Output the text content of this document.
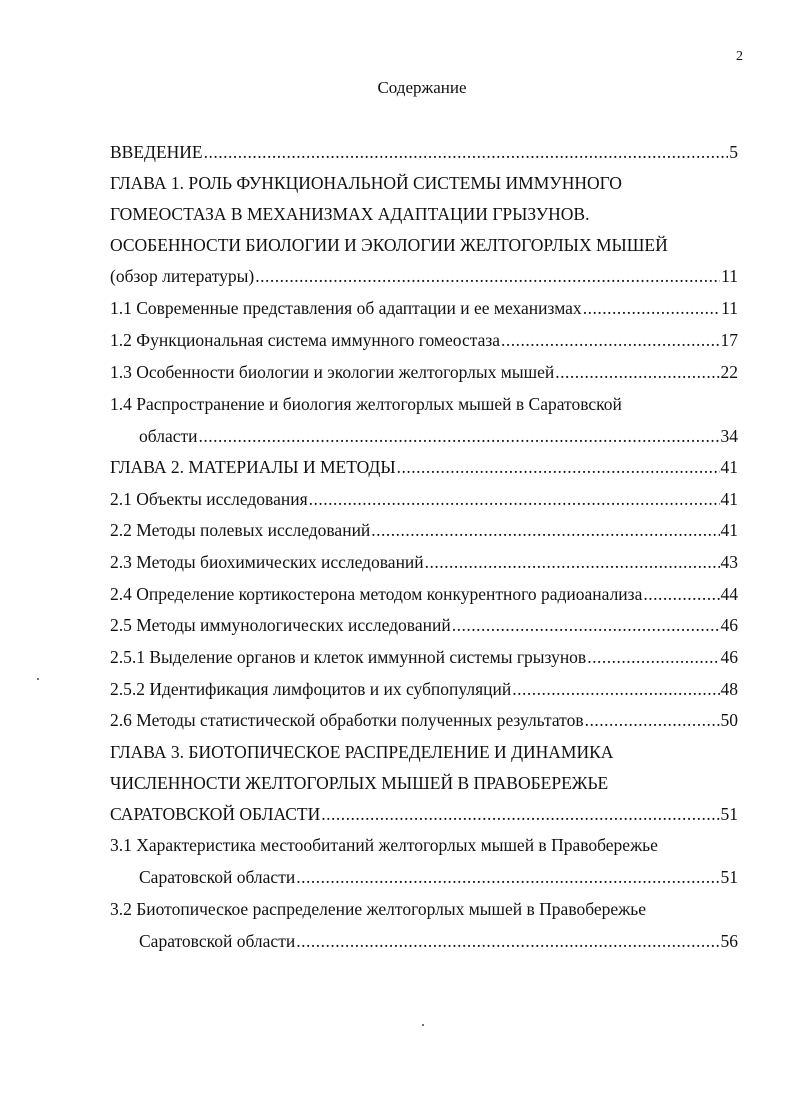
2
Содержание
ВВЕДЕНИЕ .....	5
ГЛАВА 1. РОЛЬ ФУНКЦИОНАЛЬНОЙ СИСТЕМЫ ИММУННОГО
ГОМЕОСТАЗА В МЕХАНИЗМАХ АДАПТАЦИИ ГРЫЗУНОВ.
ОСОБЕННОСТИ БИОЛОГИИ И ЭКОЛОГИИ ЖЕЛТОГОРЛЫХ МЫШЕЙ
(обзор литературы) .....	11
1.1 Современные представления об адаптации и ее механизмах .....	11
1.2 Функциональная система иммунного гомеостаза .....	17
1.3 Особенности биологии и экологии желтогорлых мышей .....	22
1.4 Распространение и биология желтогорлых мышей в Саратовской
области .....	34
ГЛАВА 2. МАТЕРИАЛЫ И МЕТОДЫ .....	41
2.1 Объекты исследования .....	41
2.2 Методы полевых исследований .....	41
2.3 Методы биохимических исследований .....	43
2.4 Определение кортикостерона методом конкурентного радиоанализа .....	44
2.5 Методы иммунологических исследований .....	46
2.5.1 Выделение органов и клеток иммунной системы грызунов .....	46
2.5.2 Идентификация лимфоцитов и их субпопуляций .....	48
2.6 Методы статистической обработки полученных результатов .....	50
ГЛАВА 3. БИОТОПИЧЕСКОЕ РАСПРЕДЕЛЕНИЕ И ДИНАМИКА
ЧИСЛЕННОСТИ ЖЕЛТОГОРЛЫХ МЫШЕЙ В ПРАВОБЕРЕЖЬЕ
САРАТОВСКОЙ ОБЛАСТИ .....	51
3.1 Характеристика местообитаний желтогорлых мышей в Правобережье
Саратовской области .....	51
3.2 Биотопическое распределение желтогорлых мышей в Правобережье
Саратовской области .....	56
